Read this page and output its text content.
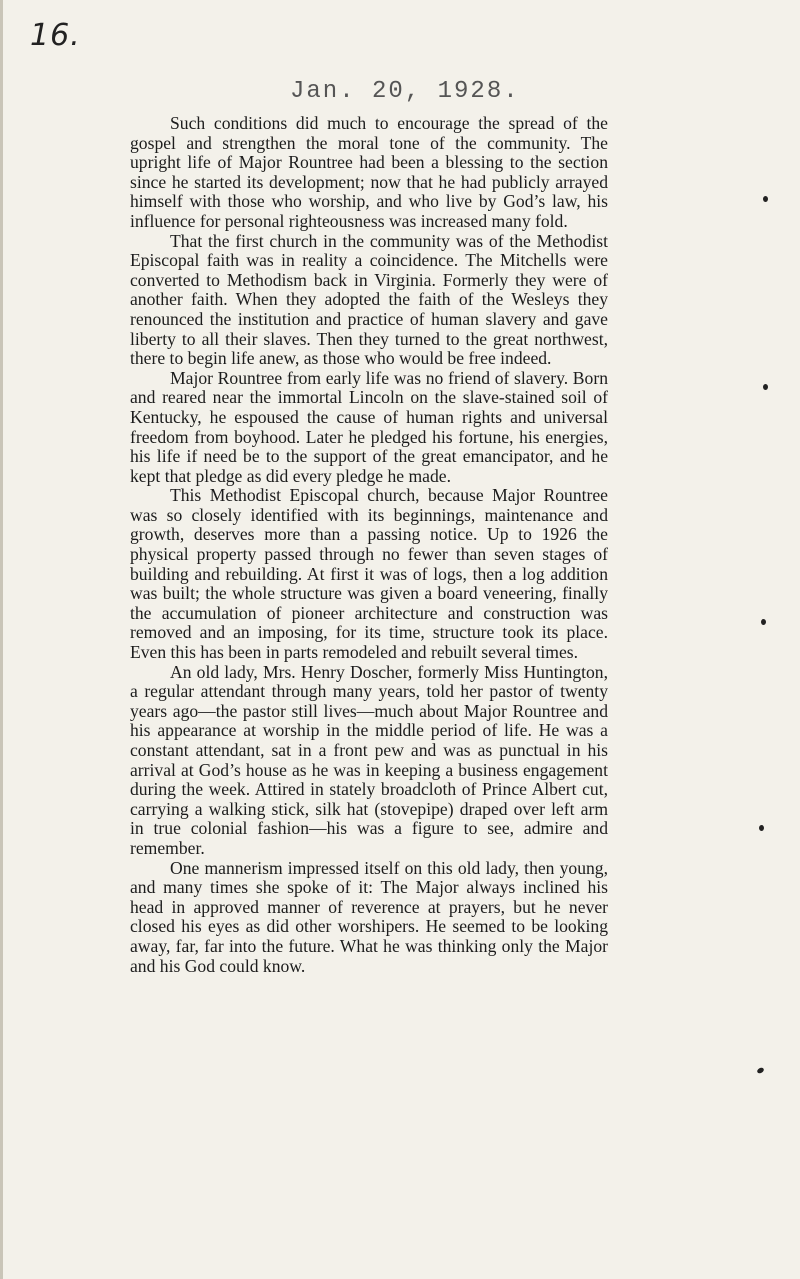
16.
Jan. 20, 1928.

Such conditions did much to encourage the spread of the gospel and strengthen the moral tone of the community. The upright life of Major Rountree had been a blessing to the section since he started its development; now that he had publicly arrayed himself with those who worship, and who live by God’s law, his influence for personal righteousness was increased many fold.

That the first church in the community was of the Methodist Episcopal faith was in reality a coincidence. The Mitchells were converted to Methodism back in Virginia. Formerly they were of another faith. When they adopted the faith of the Wesleys they renounced the institution and practice of human slavery and gave liberty to all their slaves. Then they turned to the great northwest, there to begin life anew, as those who would be free indeed.

Major Rountree from early life was no friend of slavery. Born and reared near the immortal Lincoln on the slave-stained soil of Kentucky, he espoused the cause of human rights and universal freedom from boyhood. Later he pledged his fortune, his energies, his life if need be to the support of the great emancipator, and he kept that pledge as did every pledge he made.

This Methodist Episcopal church, because Major Rountree was so closely identified with its beginnings, maintenance and growth, deserves more than a passing notice. Up to 1926 the physical property passed through no fewer than seven stages of building and rebuilding. At first it was of logs, then a log addition was built; the whole structure was given a board veneering, finally the accumulation of pioneer architecture and construction was removed and an imposing, for its time, structure took its place. Even this has been in parts remodeled and rebuilt several times.

An old lady, Mrs. Henry Doscher, formerly Miss Huntington, a regular attendant through many years, told her pastor of twenty years ago—the pastor still lives—much about Major Rountree and his appearance at worship in the middle period of life. He was a constant attendant, sat in a front pew and was as punctual in his arrival at God’s house as he was in keeping a business engagement during the week. Attired in stately broadcloth of Prince Albert cut, carrying a walking stick, silk hat (stovepipe) draped over left arm in true colonial fashion—his was a figure to see, admire and remember.

One mannerism impressed itself on this old lady, then young, and many times she spoke of it: The Major always inclined his head in approved manner of reverence at prayers, but he never closed his eyes as did other worshipers. He seemed to be looking away, far, far into the future. What he was thinking only the Major and his God could know.
